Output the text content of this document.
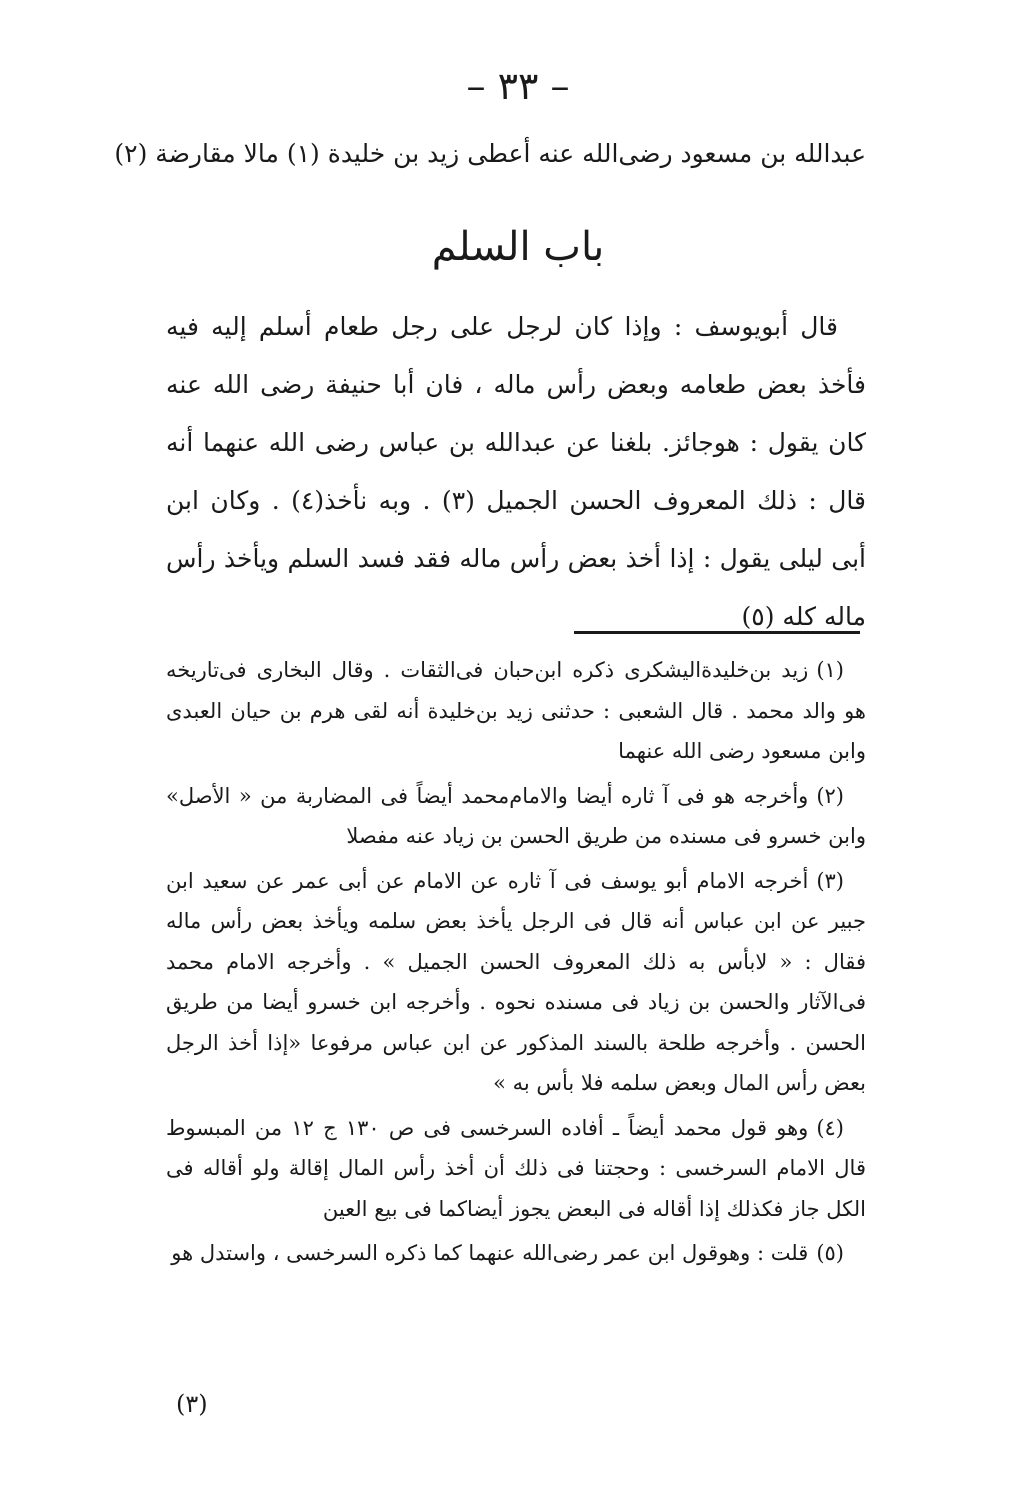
– ٣٣ –

عبدالله بن مسعود رضى‌الله عنه أعطى زيد بن خليدة (١) مالا مقارضة (٢)

باب السلم

قال أبويوسف : وإذا كان لرجل على رجل طعام أسلم إليه فيه فأخذ بعض طعامه وبعض رأس ماله ، فان أبا حنيفة رضى الله عنه كان يقول : هوجائز. بلغنا عن عبدالله بن عباس رضى الله عنهما أنه قال : ذلك المعروف الحسن الجميل (٣) . وبه نأخذ(٤) . وكان ابن أبى ليلى يقول : إذا أخذ بعض رأس ماله فقد فسد السلم ويأخذ رأس ماله كله (٥)

(١)زيد بن‌خليدة‌اليشكرى ذكره ابن‌حبان فى‌الثقات . وقال البخارى فى‌تاريخه هو والد محمد . قال الشعبى : حدثنى زيد بن‌خليدة أنه لقى هرم بن حيان العبدى وابن مسعود رضى الله عنهما

(٢)وأخرجه هو فى آ ثاره أيضا والامام‌محمد أيضاً فى المضاربة من « الأصل» وابن خسرو فى مسنده من طريق الحسن بن زياد عنه مفصلا

(٣)أخرجه الامام أبو يوسف فى آ ثاره عن الامام عن أبى عمر عن سعيد ابن جبير عن ابن عباس أنه قال فى الرجل يأخذ بعض سلمه ويأخذ بعض رأس ماله فقال : « لابأس به ذلك المعروف الحسن الجميل » . وأخرجه الامام محمد فى‌الآثار والحسن بن زياد فى مسنده نحوه . وأخرجه ابن خسرو أيضا من طريق الحسن . وأخرجه طلحة بالسند المذكور عن ابن عباس مرفوعا «إذا أخذ الرجل بعض رأس المال وبعض سلمه فلا بأس به »

(٤)وهو قول محمد أيضاً ـ أفاده السرخسى فى ص ١٣٠ ج ١٢ من المبسوط قال الامام السرخسى : وحجتنا فى ذلك أن أخذ رأس المال إقالة ولو أقاله فى الكل جاز فكذلك إذا أقاله فى البعض يجوز أيضاكما فى بيع العين

(٥)قلت : وهوقول ابن عمر رضى‌الله عنهما كما ذكره السرخسى ، واستدل هو

(٣)
